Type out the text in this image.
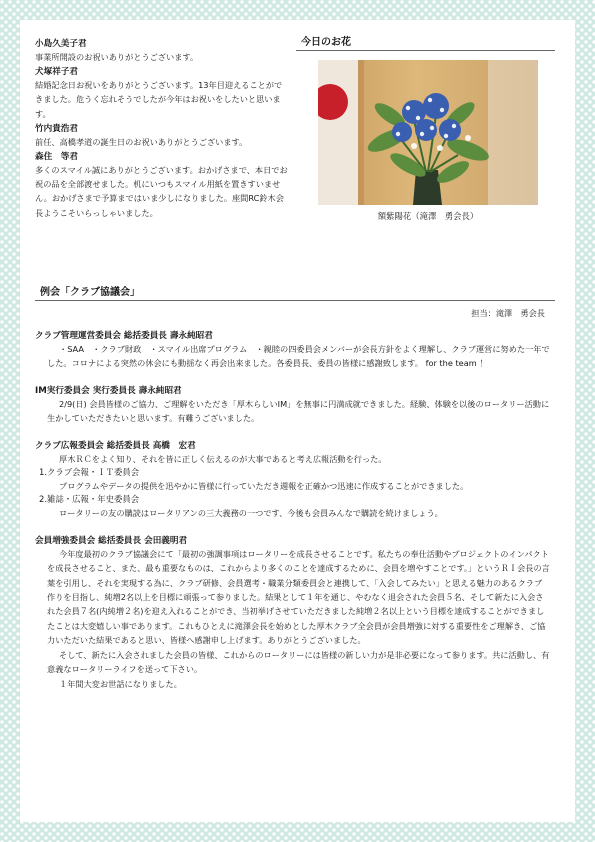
小島久美子君
事業所開設のお祝いありがとうございます。
犬塚祥子君
結婚記念日お祝いをありがとうございます。13年目迎えることができました。危うく忘れそうでしたが今年はお祝いをしたいと思います。
竹内貴浩君
前任、高橋孝道の誕生日のお祝いありがとうございます。
森住　等君
多くのスマイル誠にありがとうございます。おかげさまで、本日でお祝の品を全部渡せました。机にいつもスマイル用紙を置きすいません。おかげさまで予算まではいま少しになりました。座間RC鈴木会長ようこそいらっしゃいました。
今日のお花
額紫陽花（滝澤　勇会長）
例会「クラブ協議会」
担当：滝澤　勇会長
クラブ管理運営委員会 総括委員長 壽永純昭君
・SAA　・クラブ財政　・スマイル出席プログラム　・親睦の四委員会メンバーが会長方針をよく理解し、クラブ運営に努めた一年でした。コロナによる突然の休会にも動揺なく再会出来ました。各委員長、委員の皆様に感謝致します。 for the team ！
IM実行委員会 実行委員長 壽永純昭君
2/9(日) 会員皆様のご協力、ご理解をいただき「厚木らしいIM」を無事に円満成就できました。経験、体験を以後のロータリー活動に生かしていただきたいと思います。有難うございました。
クラブ広報委員会 総括委員長 高橋　宏君
厚木ＲＣをよく知り、それを皆に正しく伝えるのが大事であると考え広報活動を行った。
1.クラブ会報・ＩＴ委員会
プログラムやデータの提供を迅やかに皆様に行っていただき週報を正確かつ迅速に作成することができました。
2.雑誌・広報・年史委員会
ロータリーの友の購読はロータリアンの三大義務の一つです、今後も会員みんなで購読を続けましょう。
会員増強委員会 総括委員長 会田義明君
今年度最初のクラブ協議会にて「最初の強調事項はロータリーを成長させることです。私たちの奉仕活動やプロジェクトのインパクトを成長させること、また、最も重要なものは、これからより多くのことを達成するために、会員を増やすことです。」というＲＩ会長の言葉を引用し、それを実現する為に、クラブ研修、会員選考・職業分類委員会と連携して、「入会してみたい」と思える魅力のあるクラブ作りを目指し、純増2名以上を目標に頑張って参りました。結果として１年を通じ、やむなく退会された会員５名、そして新たに入会された会員７名(内純増２名)を迎え入れることができ、当初挙げさせていただきました純増２名以上という目標を達成することができましたことは大変嬉しい事であります。これもひとえに滝澤会長を始めとした厚木クラブ全会員が会員増強に対する重要性をご理解き、ご協力いただいた結果であると思い、皆様へ感謝申し上げます。ありがとうございました。
そして、新たに入会されました会員の皆様、これからのロータリーには皆様の新しい力が是非必要になって参ります。共に活動し、有意義なロータリーライフを送って下さい。
１年間大変お世話になりました。
